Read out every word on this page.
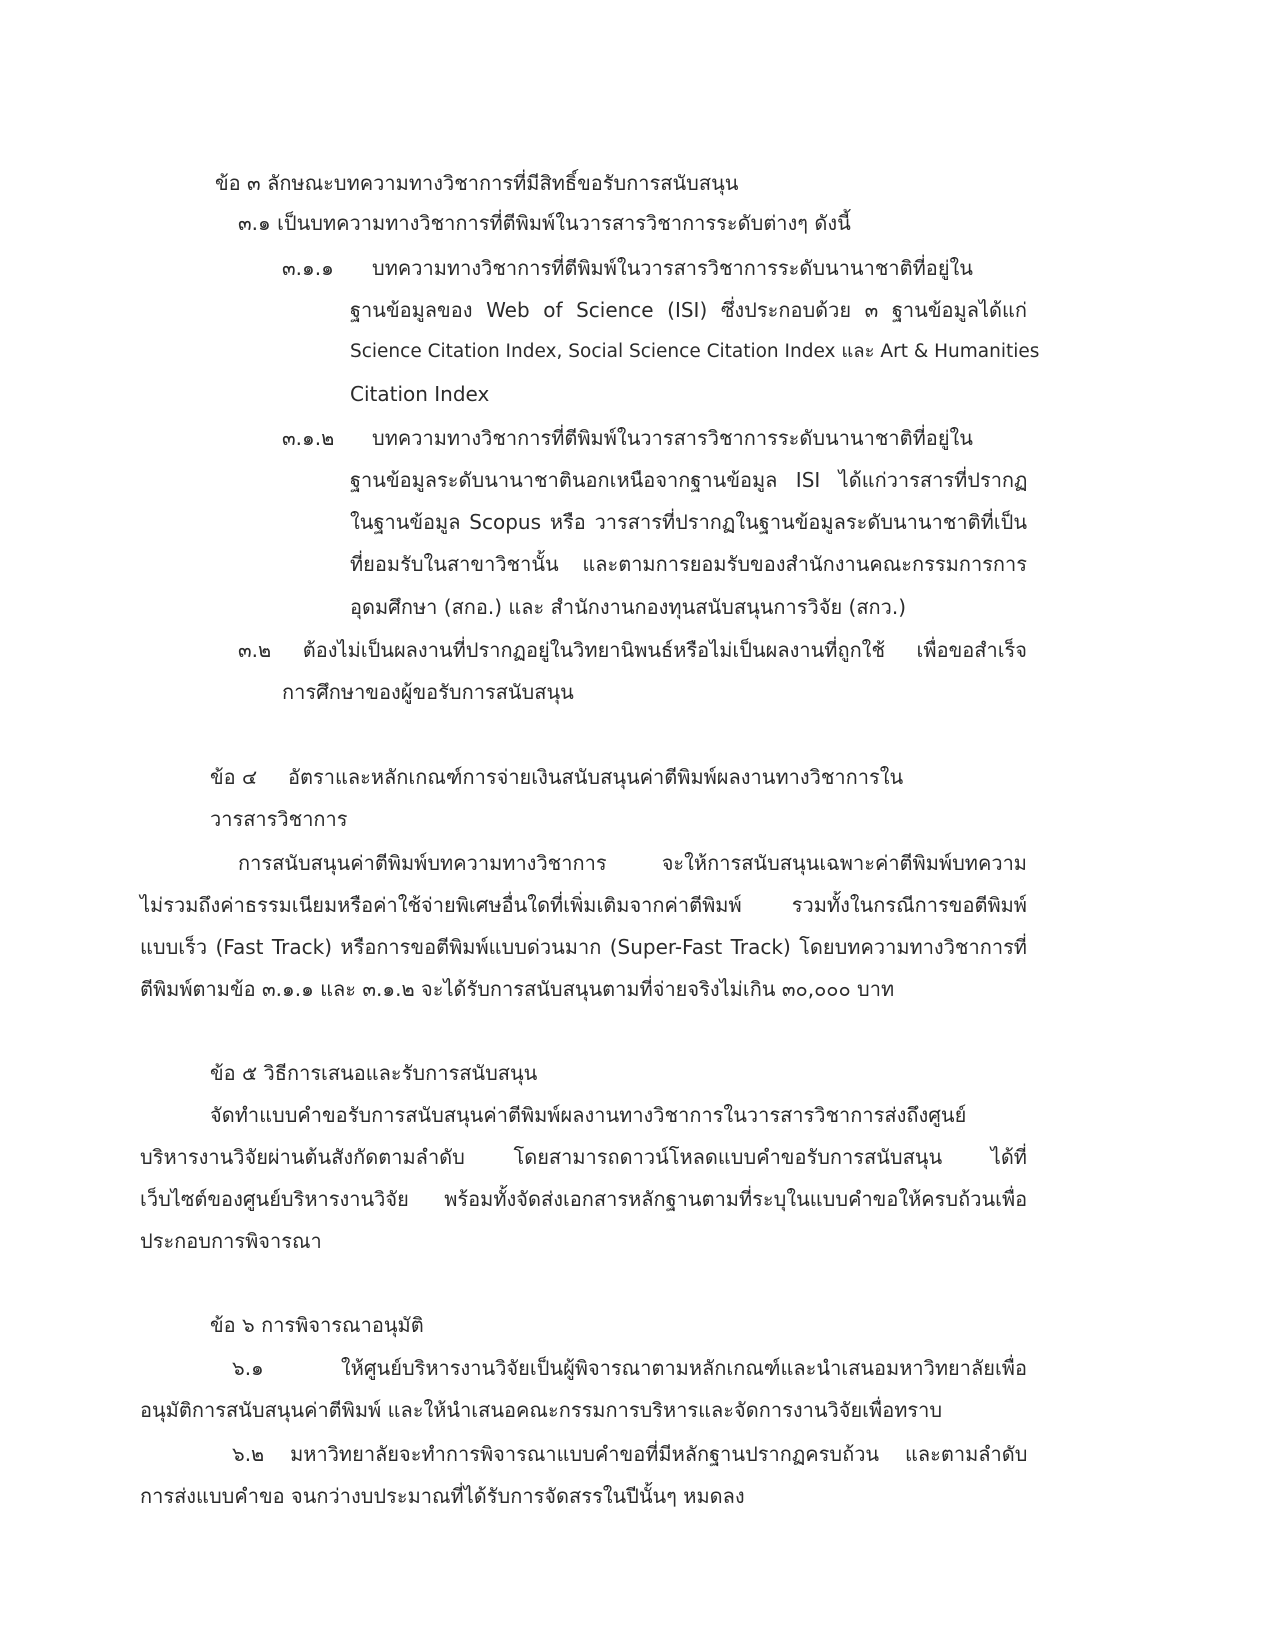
ข้อ ๓ ลักษณะบทความทางวิชาการที่มีสิทธิ์ขอรับการสนับสนุน
๓.๑ เป็นบทความทางวิชาการที่ตีพิมพ์ในวารสารวิชาการระดับต่างๆ ดังนี้
๓.๑.๑ บทความทางวิชาการที่ตีพิมพ์ในวารสารวิชาการระดับนานาชาติที่อยู่ใน
ฐานข้อมูลของ Web of Science (ISI) ซึ่งประกอบด้วย ๓ ฐานข้อมูลได้แก่
Science Citation Index, Social Science Citation Index และ Art & Humanities
Citation Index
๓.๑.๒ บทความทางวิชาการที่ตีพิมพ์ในวารสารวิชาการระดับนานาชาติที่อยู่ใน
ฐานข้อมูลระดับนานาชาตินอกเหนือจากฐานข้อมูล ISI ได้แก่วารสารที่ปรากฏ
ในฐานข้อมูล Scopus หรือ วารสารที่ปรากฏในฐานข้อมูลระดับนานาชาติที่เป็น
ที่ยอมรับในสาขาวิชานั้น และตามการยอมรับของสำนักงานคณะกรรมการการ
อุดมศึกษา (สกอ.) และ สำนักงานกองทุนสนับสนุนการวิจัย (สกว.)
๓.๒ ต้องไม่เป็นผลงานที่ปรากฏอยู่ในวิทยานิพนธ์หรือไม่เป็นผลงานที่ถูกใช้ เพื่อขอสำเร็จ
การศึกษาของผู้ขอรับการสนับสนุน
ข้อ ๔ อัตราและหลักเกณฑ์การจ่ายเงินสนับสนุนค่าตีพิมพ์ผลงานทางวิชาการใน
วารสารวิชาการ
การสนับสนุนค่าตีพิมพ์บทความทางวิชาการ จะให้การสนับสนุนเฉพาะค่าตีพิมพ์บทความ
ไม่รวมถึงค่าธรรมเนียมหรือค่าใช้จ่ายพิเศษอื่นใดที่เพิ่มเติมจากค่าตีพิมพ์ รวมทั้งในกรณีการขอตีพิมพ์
แบบเร็ว (Fast Track) หรือการขอตีพิมพ์แบบด่วนมาก (Super-Fast Track) โดยบทความทางวิชาการที่
ตีพิมพ์ตามข้อ ๓.๑.๑ และ ๓.๑.๒ จะได้รับการสนับสนุนตามที่จ่ายจริงไม่เกิน ๓๐,๐๐๐ บาท
ข้อ ๕ วิธีการเสนอและรับการสนับสนุน
จัดทำแบบคำขอรับการสนับสนุนค่าตีพิมพ์ผลงานทางวิชาการในวารสารวิชาการส่งถึงศูนย์
บริหารงานวิจัยผ่านต้นสังกัดตามลำดับ โดยสามารถดาวน์โหลดแบบคำขอรับการสนับสนุน ได้ที่
เว็บไซต์ของศูนย์บริหารงานวิจัย พร้อมทั้งจัดส่งเอกสารหลักฐานตามที่ระบุในแบบคำขอให้ครบถ้วนเพื่อ
ประกอบการพิจารณา
ข้อ ๖ การพิจารณาอนุมัติ
๖.๑ ให้ศูนย์บริหารงานวิจัยเป็นผู้พิจารณาตามหลักเกณฑ์และนำเสนอมหาวิทยาลัยเพื่อ
อนุมัติการสนับสนุนค่าตีพิมพ์ และให้นำเสนอคณะกรรมการบริหารและจัดการงานวิจัยเพื่อทราบ
๖.๒ มหาวิทยาลัยจะทำการพิจารณาแบบคำขอที่มีหลักฐานปรากฏครบถ้วน และตามลำดับ
การส่งแบบคำขอ จนกว่างบประมาณที่ได้รับการจัดสรรในปีนั้นๆ หมดลง
